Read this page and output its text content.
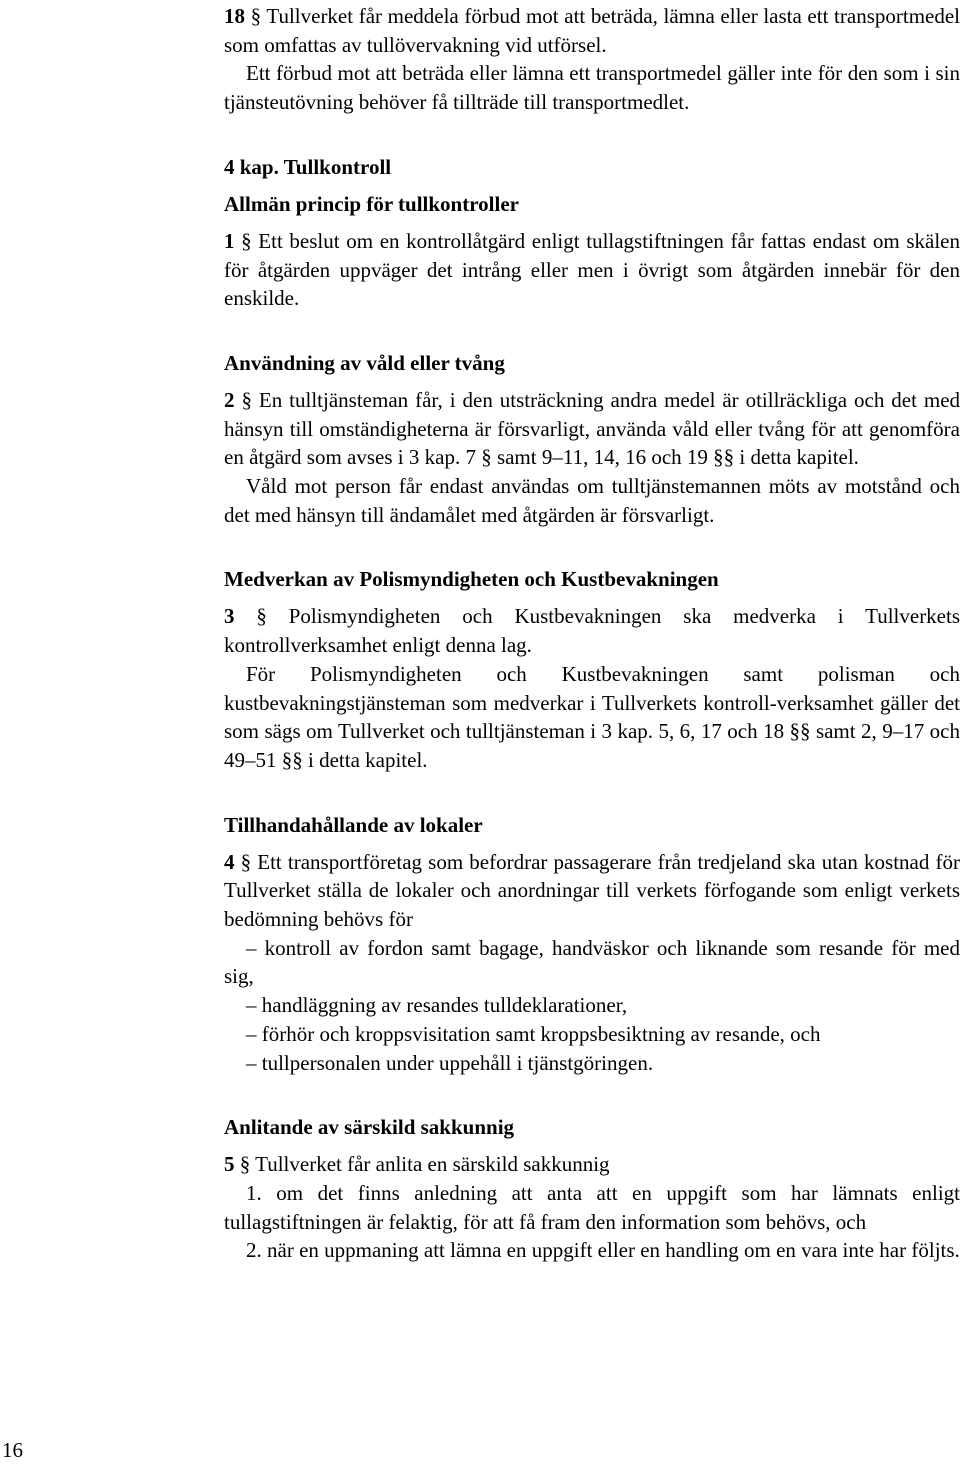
18 § Tullverket får meddela förbud mot att beträda, lämna eller lasta ett transportmedel som omfattas av tullövervakning vid utförsel.

Ett förbud mot att beträda eller lämna ett transportmedel gäller inte för den som i sin tjänsteutövning behöver få tillträde till transportmedlet.

4 kap. Tullkontroll

Allmän princip för tullkontroller

1 § Ett beslut om en kontrollåtgärd enligt tullagstiftningen får fattas endast om skälen för åtgärden uppväger det intrång eller men i övrigt som åtgärden innebär för den enskilde.

Användning av våld eller tvång

2 § En tulltjänsteman får, i den utsträckning andra medel är otillräckliga och det med hänsyn till omständigheterna är försvarligt, använda våld eller tvång för att genomföra en åtgärd som avses i 3 kap. 7 § samt 9–11, 14, 16 och 19 §§ i detta kapitel.

Våld mot person får endast användas om tulltjänstemannen möts av motstånd och det med hänsyn till ändamålet med åtgärden är försvarligt.

Medverkan av Polismyndigheten och Kustbevakningen

3 § Polismyndigheten och Kustbevakningen ska medverka i Tullverkets kontrollverksamhet enligt denna lag.

För Polismyndigheten och Kustbevakningen samt polisman och kustbevakningstjänsteman som medverkar i Tullverkets kontroll-verksamhet gäller det som sägs om Tullverket och tulltjänsteman i 3 kap. 5, 6, 17 och 18 §§ samt 2, 9–17 och 49–51 §§ i detta kapitel.

Tillhandahållande av lokaler

4 § Ett transportföretag som befordrar passagerare från tredjeland ska utan kostnad för Tullverket ställa de lokaler och anordningar till verkets förfogande som enligt verkets bedömning behövs för

– kontroll av fordon samt bagage, handväskor och liknande som resande för med sig,

– handläggning av resandes tulldeklarationer,

– förhör och kroppsvisitation samt kroppsbesiktning av resande, och

– tullpersonalen under uppehåll i tjänstgöringen.

Anlitande av särskild sakkunnig

5 § Tullverket får anlita en särskild sakkunnig

1. om det finns anledning att anta att en uppgift som har lämnats enligt tullagstiftningen är felaktig, för att få fram den information som behövs, och

2. när en uppmaning att lämna en uppgift eller en handling om en vara inte har följts.

16
